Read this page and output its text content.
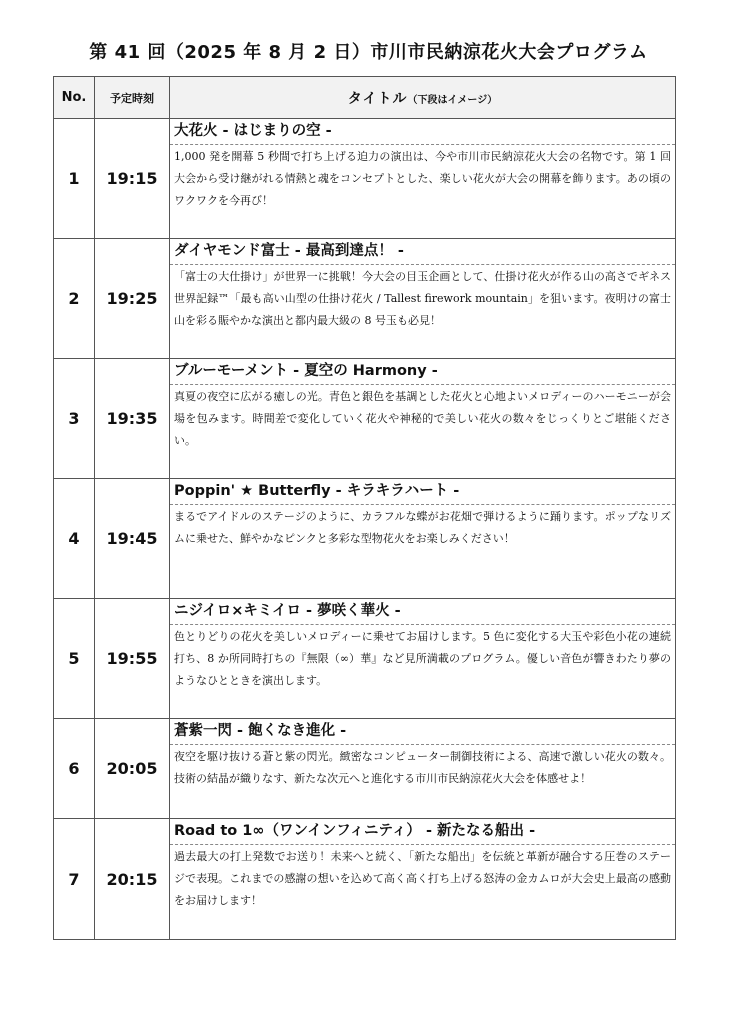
第 41 回（2025 年 8 月 2 日）市川市民納涼花火大会プログラム
No.	予定時刻	タイトル（下段はイメージ）
1	19:15	大花火 - はじまりの空 -
1,000 発を開幕 5 秒間で打ち上げる迫力の演出は、今や市川市民納涼花火大会の名物です。第 1 回大会から受け継がれる情熱と魂をコンセプトとした、楽しい花火が大会の開幕を飾ります。あの頃のワクワクを今再び！

2	19:25	ダイヤモンド富士 - 最高到達点！ -
「富士の大仕掛け」が世界一に挑戦！今大会の目玉企画として、仕掛け花火が作る山の高さでギネス世界記録™「最も高い山型の仕掛け花火 / Tallest firework mountain」を狙います。夜明けの富士山を彩る賑やかな演出と都内最大級の 8 号玉も必見！

3	19:35	ブルーモーメント - 夏空の Harmony -
真夏の夜空に広がる癒しの光。青色と銀色を基調とした花火と心地よいメロディーのハーモニーが会場を包みます。時間差で変化していく花火や神秘的で美しい花火の数々をじっくりとご堪能ください。

4	19:45	Poppin' ★ Butterfly - キラキラハート -
まるでアイドルのステージのように、カラフルな蝶がお花畑で弾けるように踊ります。ポップなリズムに乗せた、鮮やかなピンクと多彩な型物花火をお楽しみください！

5	19:55	ニジイロ×キミイロ - 夢咲く華火 -
色とりどりの花火を美しいメロディーに乗せてお届けします。5 色に変化する大玉や彩色小花の連続打ち、8 か所同時打ちの『無限（∞）華』など見所満載のプログラム。優しい音色が響きわたり夢のようなひとときを演出します。

6	20:05	蒼紫一閃 - 飽くなき進化 -
夜空を駆け抜ける蒼と紫の閃光。緻密なコンピューター制御技術による、高速で激しい花火の数々。技術の結晶が織りなす、新たな次元へと進化する市川市民納涼花火大会を体感せよ！

7	20:15	Road to 1∞（ワンインフィニティ） - 新たなる船出 -
過去最大の打上発数でお送り！未来へと続く、「新たな船出」を伝統と革新が融合する圧巻のステージで表現。これまでの感謝の想いを込めて高く高く打ち上げる怒涛の金カムロが大会史上最高の感動をお届けします！
